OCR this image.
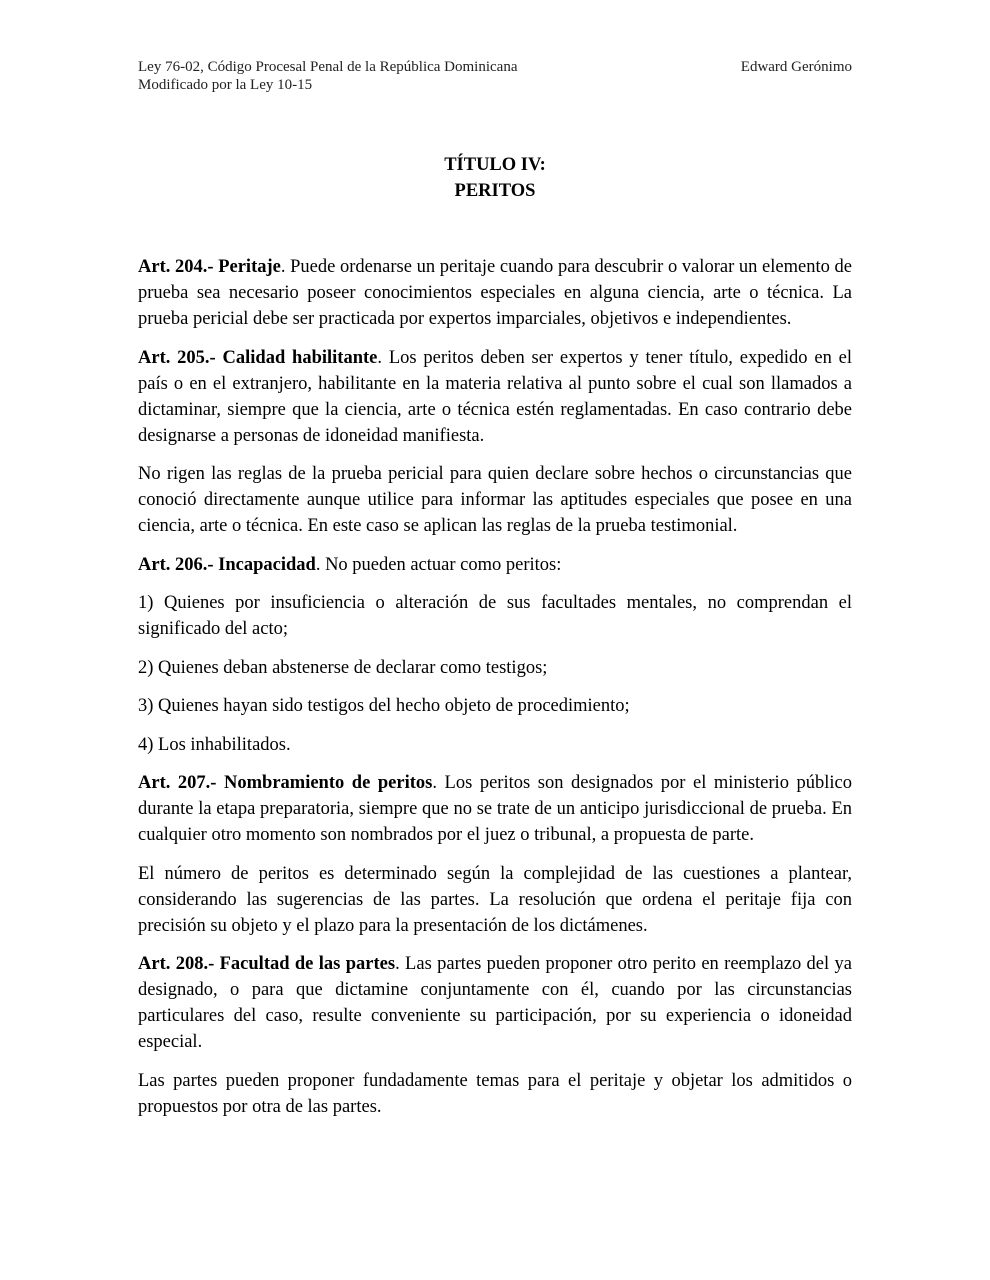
Ley 76-02, Código Procesal Penal de la República Dominicana	Edward Gerónimo
Modificado por la Ley 10-15
TÍTULO IV:
PERITOS

Art. 204.- Peritaje. Puede ordenarse un peritaje cuando para descubrir o valorar un elemento de prueba sea necesario poseer conocimientos especiales en alguna ciencia, arte o técnica. La prueba pericial debe ser practicada por expertos imparciales, objetivos e independientes.

Art. 205.- Calidad habilitante. Los peritos deben ser expertos y tener título, expedido en el país o en el extranjero, habilitante en la materia relativa al punto sobre el cual son llamados a dictaminar, siempre que la ciencia, arte o técnica estén reglamentadas. En caso contrario debe designarse a personas de idoneidad manifiesta.

No rigen las reglas de la prueba pericial para quien declare sobre hechos o circunstancias que conoció directamente aunque utilice para informar las aptitudes especiales que posee en una ciencia, arte o técnica. En este caso se aplican las reglas de la prueba testimonial.

Art. 206.- Incapacidad. No pueden actuar como peritos:

1) Quienes por insuficiencia o alteración de sus facultades mentales, no comprendan el significado del acto;

2) Quienes deban abstenerse de declarar como testigos;

3) Quienes hayan sido testigos del hecho objeto de procedimiento;

4) Los inhabilitados.

Art. 207.- Nombramiento de peritos. Los peritos son designados por el ministerio público durante la etapa preparatoria, siempre que no se trate de un anticipo jurisdiccional de prueba. En cualquier otro momento son nombrados por el juez o tribunal, a propuesta de parte.

El número de peritos es determinado según la complejidad de las cuestiones a plantear, considerando las sugerencias de las partes. La resolución que ordena el peritaje fija con precisión su objeto y el plazo para la presentación de los dictámenes.

Art. 208.- Facultad de las partes. Las partes pueden proponer otro perito en reemplazo del ya designado, o para que dictamine conjuntamente con él, cuando por las circunstancias particulares del caso, resulte conveniente su participación, por su experiencia o idoneidad especial.

Las partes pueden proponer fundadamente temas para el peritaje y objetar los admitidos o propuestos por otra de las partes.
